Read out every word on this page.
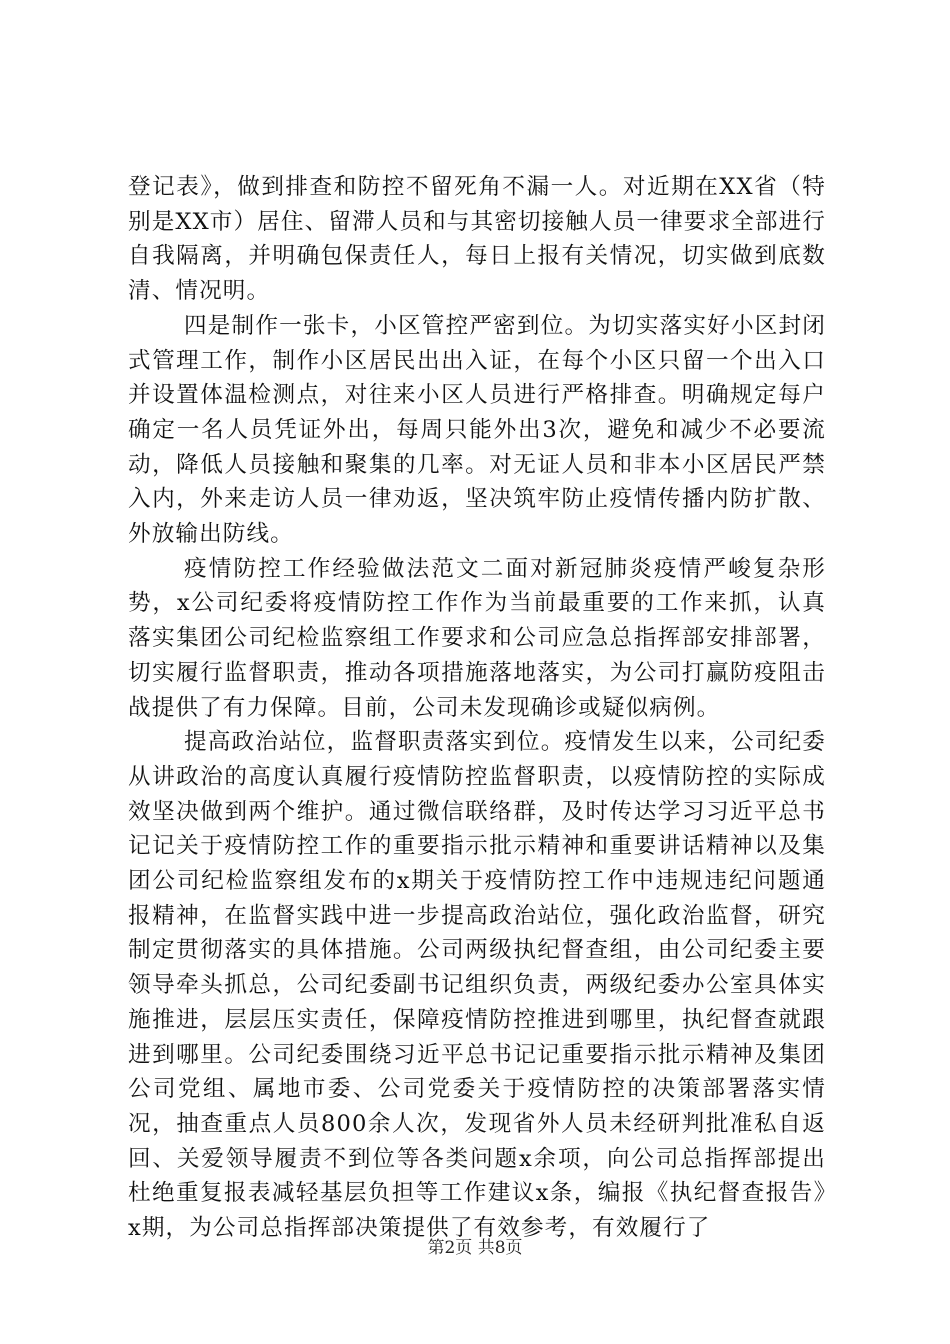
登记表》，做到排查和防控不留死角不漏一人。对近期在XX省（特别是XX市）居住、留滞人员和与其密切接触人员一律要求全部进行自我隔离，并明确包保责任人，每日上报有关情况，切实做到底数清、情况明。

四是制作一张卡，小区管控严密到位。为切实落实好小区封闭式管理工作，制作小区居民出出入证，在每个小区只留一个出入口并设置体温检测点，对往来小区人员进行严格排查。明确规定每户确定一名人员凭证外出，每周只能外出3次，避免和减少不必要流动，降低人员接触和聚集的几率。对无证人员和非本小区居民严禁入内，外来走访人员一律劝返，坚决筑牢防止疫情传播内防扩散、外放输出防线。

疫情防控工作经验做法范文二面对新冠肺炎疫情严峻复杂形势，x公司纪委将疫情防控工作作为当前最重要的工作来抓，认真落实集团公司纪检监察组工作要求和公司应急总指挥部安排部署，切实履行监督职责，推动各项措施落地落实，为公司打赢防疫阻击战提供了有力保障。目前，公司未发现确诊或疑似病例。

提高政治站位，监督职责落实到位。疫情发生以来，公司纪委从讲政治的高度认真履行疫情防控监督职责，以疫情防控的实际成效坚决做到两个维护。通过微信联络群，及时传达学习习近平总书记记关于疫情防控工作的重要指示批示精神和重要讲话精神以及集团公司纪检监察组发布的x期关于疫情防控工作中违规违纪问题通报精神，在监督实践中进一步提高政治站位，强化政治监督，研究制定贯彻落实的具体措施。公司两级执纪督查组，由公司纪委主要领导牵头抓总，公司纪委副书记组织负责，两级纪委办公室具体实施推进，层层压实责任，保障疫情防控推进到哪里，执纪督查就跟进到哪里。公司纪委围绕习近平总书记记重要指示批示精神及集团公司党组、属地市委、公司党委关于疫情防控的决策部署落实情况，抽查重点人员800余人次，发现省外人员未经研判批准私自返回、关爱领导履责不到位等各类问题x余项，向公司总指挥部提出杜绝重复报表减轻基层负担等工作建议x条，编报《执纪督查报告》x期，为公司总指挥部决策提供了有效参考，有效履行了

第2页 共8页
